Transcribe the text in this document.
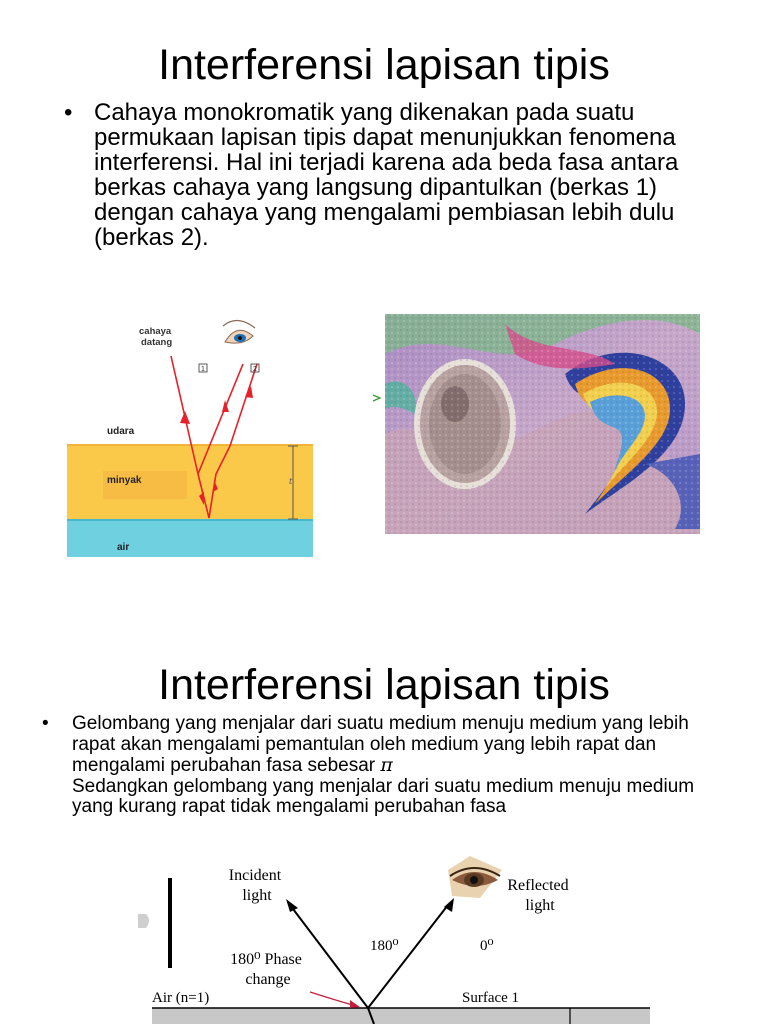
Interferensi lapisan tipis
• Cahaya monokromatik yang dikenakan pada suatu permukaan lapisan tipis dapat menunjukkan fenomena interferensi. Hal ini terjadi karena ada beda fasa antara berkas cahaya yang langsung dipantulkan (berkas 1) dengan cahaya yang mengalami pembiasan lebih dulu (berkas 2).
t
cahaya datang
1	2
udara
minyak
air
Interferensi lapisan tipis
• Gelombang yang menjalar dari suatu medium menuju medium yang lebih rapat akan mengalami pemantulan oleh medium yang lebih rapat dan mengalami perubahan fasa sebesar π
Sedangkan gelombang yang menjalar dari suatu medium menuju medium yang kurang rapat tidak mengalami perubahan fasa
Incident light
Reflected light
180⁰	0⁰
180⁰ Phase change
Air (n=1)	Surface 1
